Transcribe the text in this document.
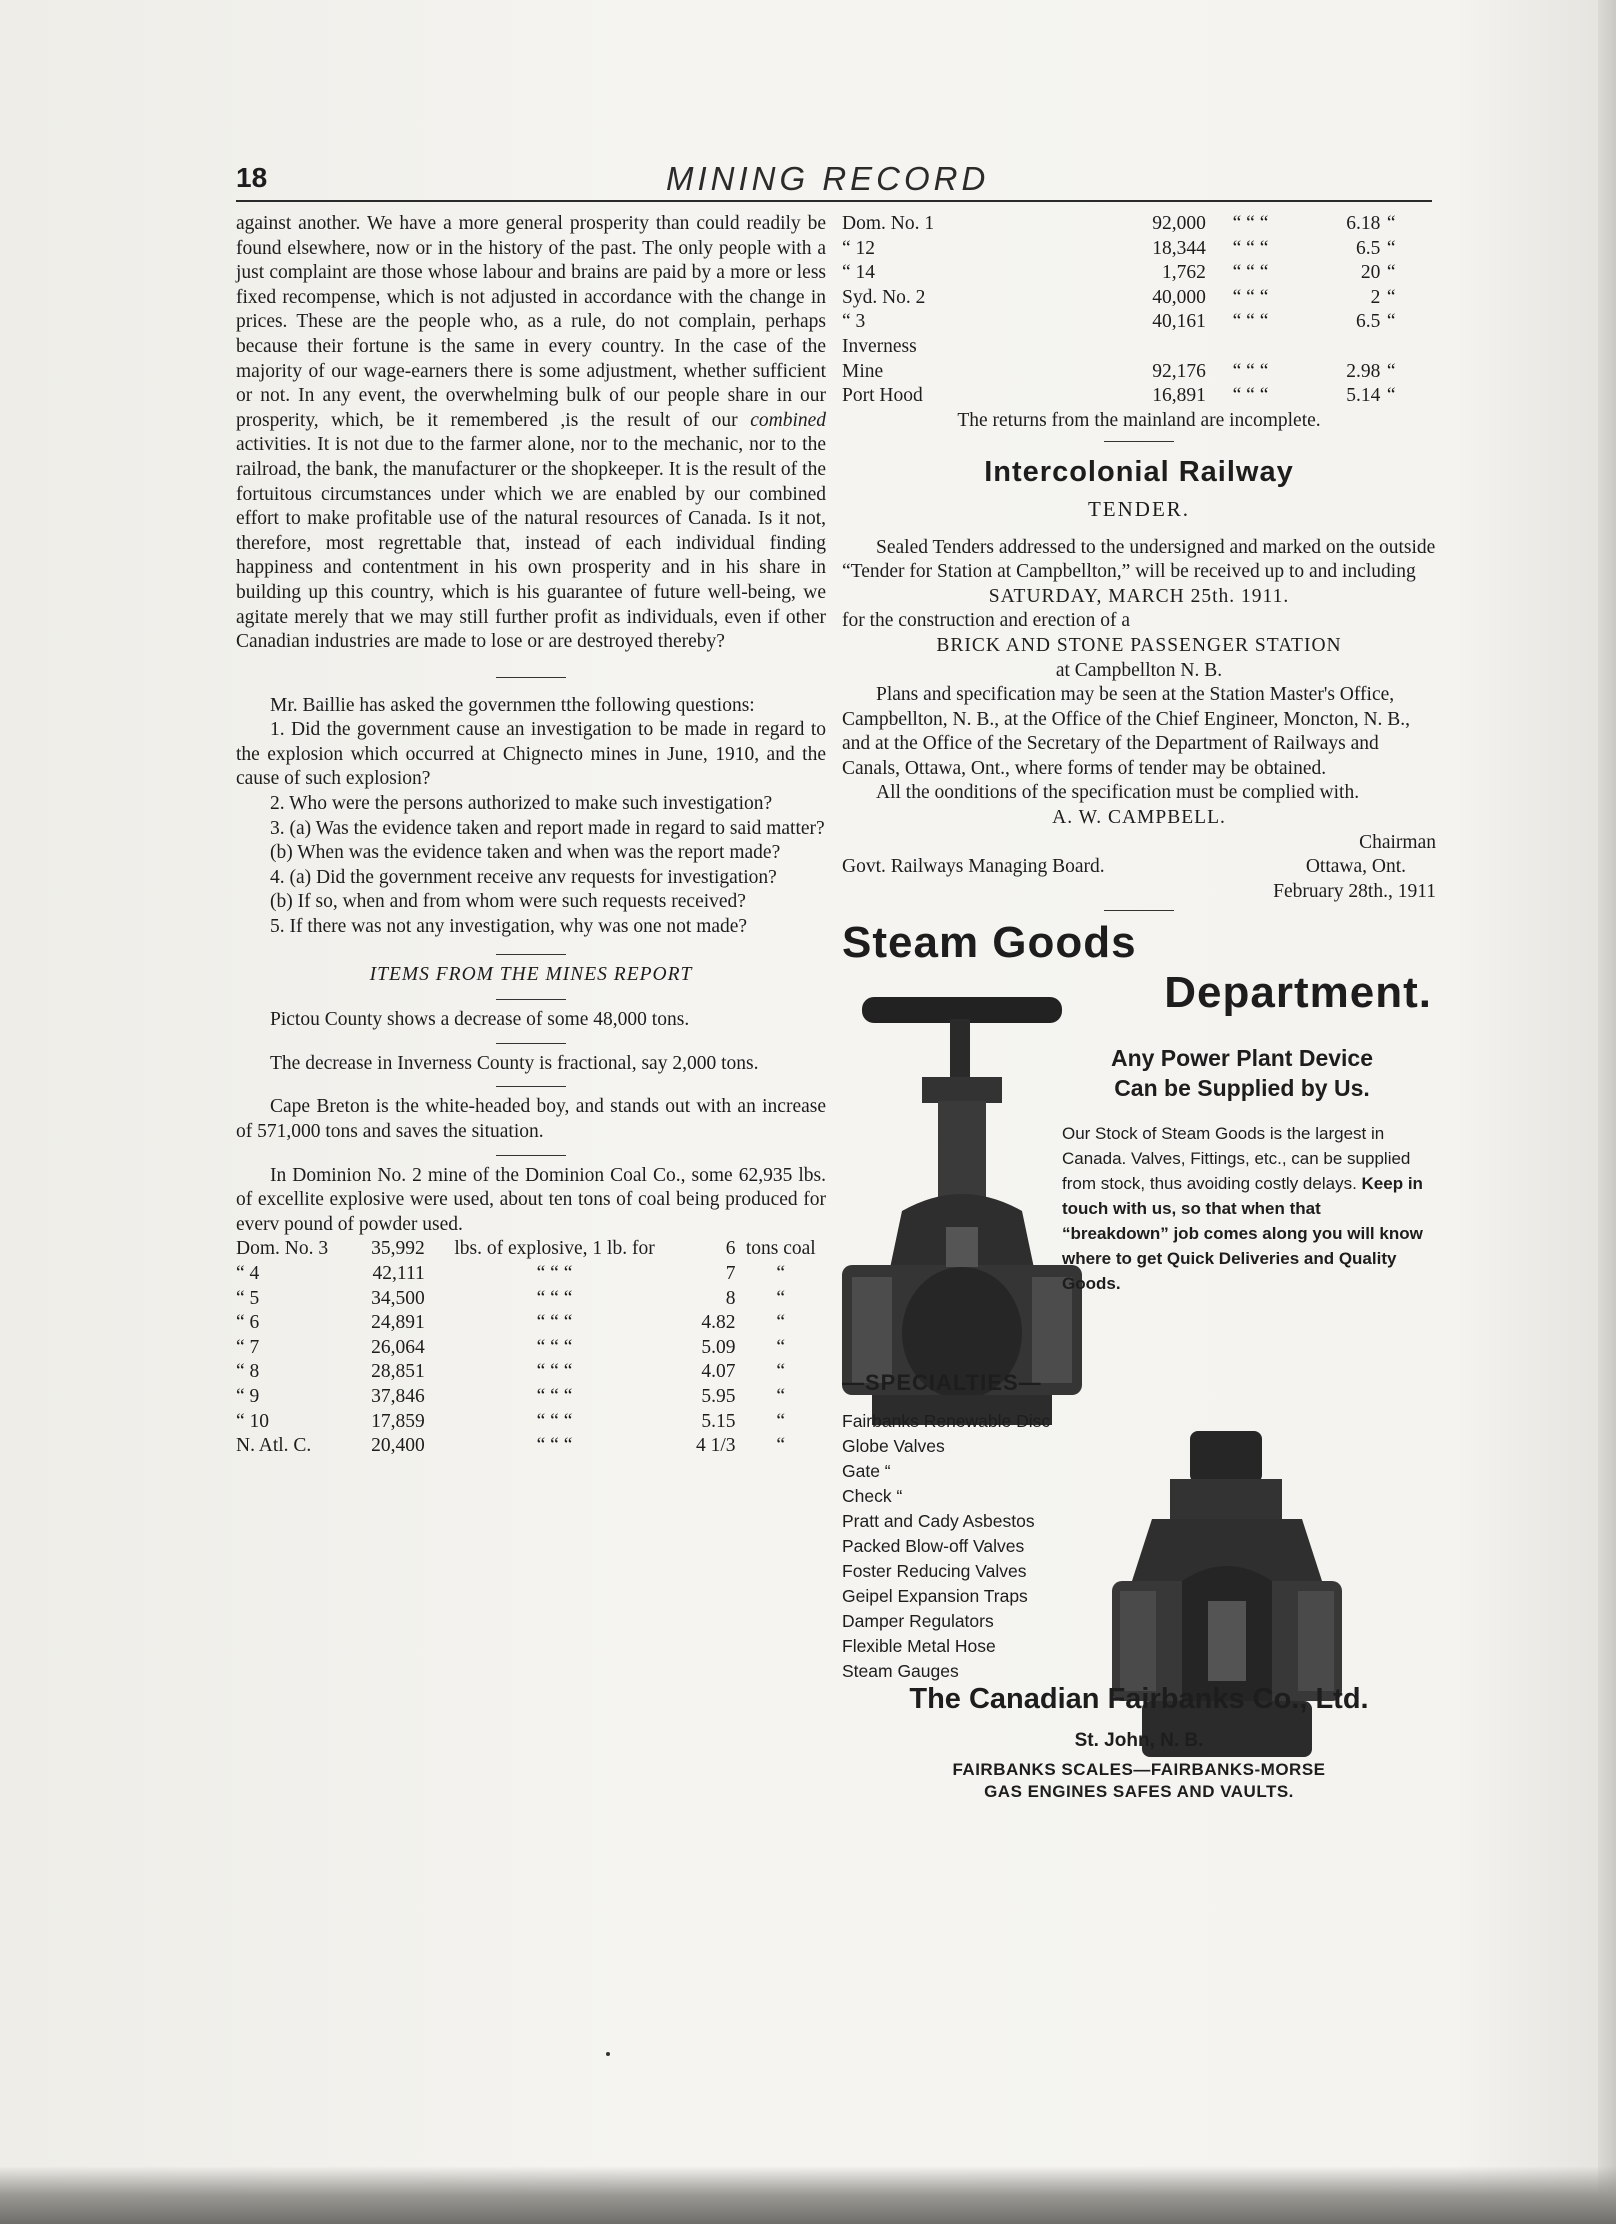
18	MINING RECORD

against another. We have a more general prosperity than could readily be found elsewhere, now or in the history of the past. The only people with a just complaint are those whose labour and brains are paid by a more or less fixed recompense, which is not adjusted in accordance with the change in prices. These are the people who, as a rule, do not complain, perhaps because their fortune is the same in every country. In the case of the majority of our wage-earners there is some adjustment, whether sufficient or not. In any event, the overwhelming bulk of our people share in our prosperity, which, be it remembered ,is the result of our combined activities. It is not due to the farmer alone, nor to the mechanic, nor to the railroad, the bank, the manufacturer or the shopkeeper. It is the result of the fortuitous circumstances under which we are enabled by our combined effort to make profitable use of the natural resources of Canada. Is it not, therefore, most regrettable that, instead of each individual finding happiness and contentment in his own prosperity and in his share in building up this country, which is his guarantee of future well-being, we agitate merely that we may still further profit as individuals, even if other Canadian industries are made to lose or are destroyed thereby?

Mr. Baillie has asked the governmen tthe following questions:

1. Did the government cause an investigation to be made in regard to the explosion which occurred at Chignecto mines in June, 1910, and the cause of such explosion?

2. Who were the persons authorized to make such investigation?

3. (a) Was the evidence taken and report made in regard to said matter?

(b) When was the evidence taken and when was the report made?

4. (a) Did the government receive anv requests for investigation?

(b) If so, when and from whom were such requests received?

5. If there was not any investigation, why was one not made?

ITEMS FROM THE MINES REPORT

Pictou County shows a decrease of some 48,000 tons.

The decrease in Inverness County is fractional, say 2,000 tons.

Cape Breton is the white-headed boy, and stands out with an increase of 571,000 tons and saves the situation.

In Dominion No. 2 mine of the Dominion Coal Co., some 62,935 lbs. of excellite explosive were used, about ten tons of coal being produced for everv pound of powder used.

Dom. No. 3	35,992	lbs. of explosive, 1 lb. for	6	tons coal
“ 4	42,111	“ “ “	7	“
“ 5	34,500	“ “ “	8	“
“ 6	24,891	“ “ “	4.82	“
“ 7	26,064	“ “ “	5.09	“
“ 8	28,851	“ “ “	4.07	“
“ 9	37,846	“ “ “	5.95	“
“ 10	17,859	“ “ “	5.15	“
N. Atl. C.	20,400	“ “ “	4 1/3	“
Dom. No. 1	92,000	“ “ “	6.18	“
“ 12	18,344	“ “ “	6.5	“
“ 14	1,762	“ “ “	20	“
Syd. No. 2	40,000	“ “ “	2	“
“ 3	40,161	“ “ “	6.5	“
Inverness				
Mine	92,176	“ “ “	2.98	“
Port Hood	16,891	“ “ “	5.14	“

The returns from the mainland are incomplete.

Intercolonial Railway

TENDER.

Sealed Tenders addressed to the undersigned and marked on the outside “Tender for Station at Campbellton,” will be received up to and including

SATURDAY, MARCH 25th. 1911.

for the construction and erection of a

BRICK AND STONE PASSENGER STATION

at Campbellton N. B.

Plans and specification may be seen at the Station Master's Office, Campbellton, N. B., at the Office of the Chief Engineer, Moncton, N. B., and at the Office of the Secretary of the Department of Railways and Canals, Ottawa, Ont., where forms of tender may be obtained.

All the oonditions of the specification must be complied with.

A. W. CAMPBELL.

Chairman

Govt. Railways Managing Board.	Ottawa, Ont.

February 28th., 1911

Steam Goods
Department.
Any Power Plant Device
Can be Supplied by Us.
Our Stock of Steam Goods is the largest in Canada. Valves, Fittings, etc., can be supplied from stock, thus avoiding costly delays. Keep in touch with us, so that when that “breakdown” job comes along you will know where to get Quick Deliveries and Quality Goods.
—SPECIALTIES—
Fairbanks Renewable Disc
Globe Valves
Gate “
Check “
Pratt and Cady Asbestos
Packed Blow-off Valves
Foster Reducing Valves
Geipel Expansion Traps
Damper Regulators
Flexible Metal Hose
Steam Gauges
The Canadian Fairbanks Co., Ltd.
St. John, N. B.
FAIRBANKS SCALES—FAIRBANKS-MORSE
GAS ENGINES SAFES AND VAULTS.
